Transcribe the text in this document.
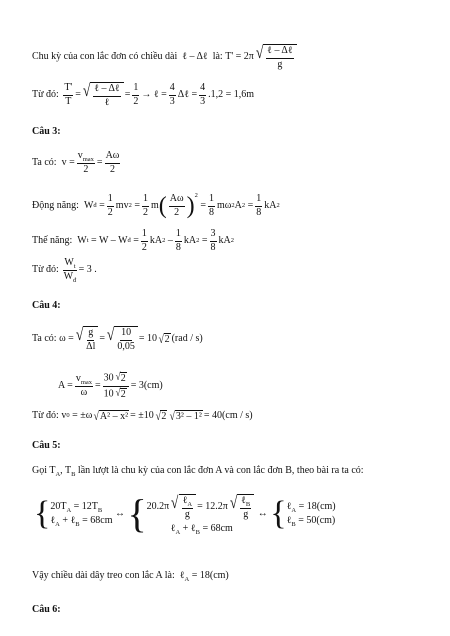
Chu kỳ của con lắc đơn có chiều dài
ℓ – Δℓ
là:
T' = 2π √ $\frac{\text{ℓ – Δℓ}}{g}$
Từ đó:
$\frac{T'}{T}$ = √ $\frac{\text{ℓ – Δℓ}}{\text{ℓ}} = \frac{1}{2}$ → ℓ = $\frac{4}{3}$ Δℓ = $\frac{4}{3} .1,2 = 1,6m$
Câu 3:
Ta có:
$v = \frac{v_{max}}{2} = \frac{A\omega}{2}$
Động năng:
W đ
= $\frac{1}{2}$ mv 2
= $\frac{1}{2}$ m ( $\frac{A\omega}{2}$ ) 2

= $\frac{1}{8}$ mω 2 A 2
= $\frac{1}{8}$ kA 2
Thế năng:
W t
= W – W đ
= $\frac{1}{2}$ kA 2
– $\frac{1}{8}$ kA 2
= $\frac{3}{8}$ kA 2
Từ đó:
$\frac{W_t}{W_đ} = 3$ .
Câu 4:
Ta có:
ω = √ $\frac{g}{\Delta l}$ = √ $\frac{10}{0,05} = 10$ √ 2 (rad / s)
$A = \frac{v_{max}}{\omega} = \frac{30 √ 2}{10 √ 2} = 3(cm)$
Từ đó:
v 0
= ±ω √ A² – x² = ±10 √ 2 √ 3² – 1² = 40(cm / s)
Câu 5:
Gọi $T_A$, $T_B$ lần lượt là chu kỳ của con lắc đơn A và con lắc đơn B, theo bài ra ta có:
{ $20T_A = 12T_B$
ℓ$_A$ + ℓ$_B$ = 68cm

↔
{ 20.2π √ $\frac{\ell_A}{g} = 12.2\pi$ √ $\frac{\ell_B}{g}$
ℓ$_A$ + ℓ$_B$ = 68cm

↔
{ ℓ$_A$ = 18(cm)
ℓ$_B$ = 50(cm)
Vậy chiều dài dây treo con lắc A là: ℓ$_A$ = 18(cm)
Câu 6:
